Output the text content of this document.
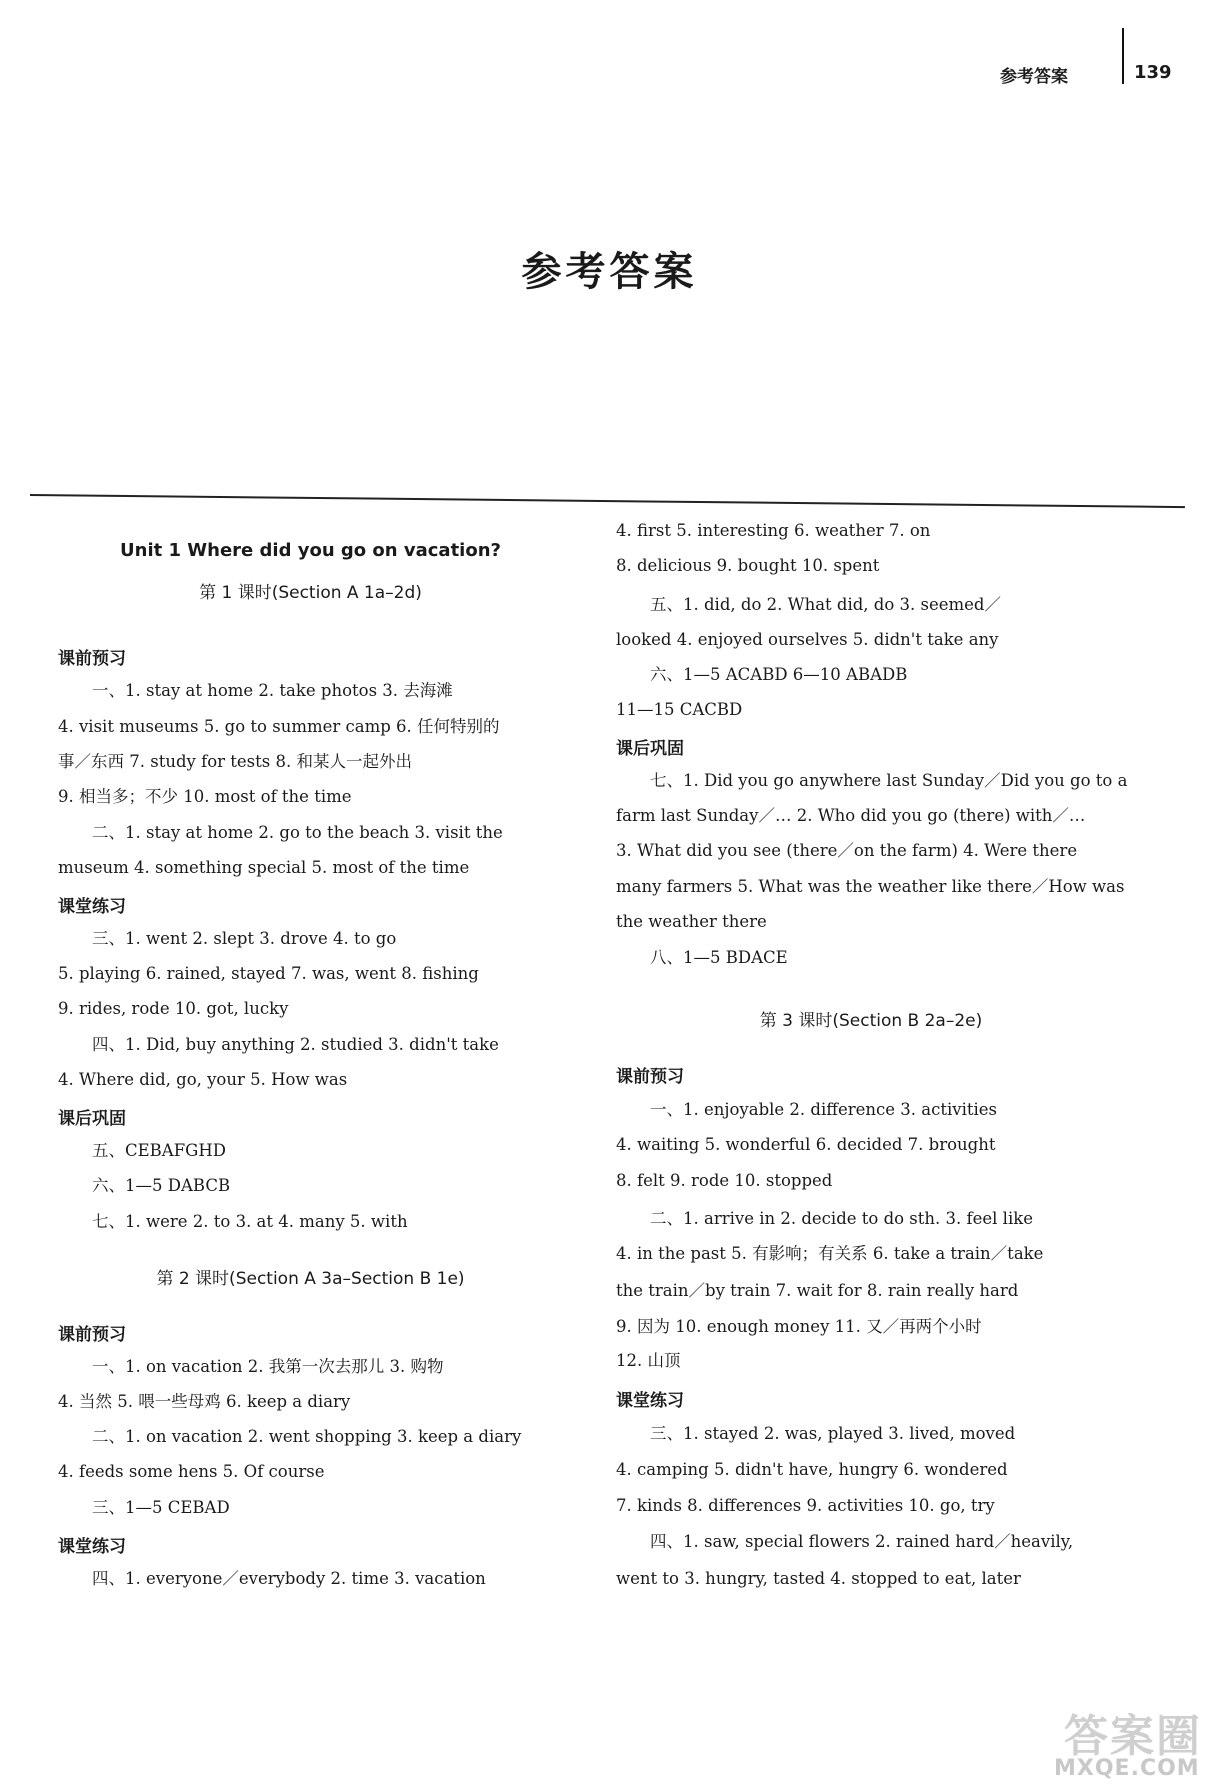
参考答案	139
参考答案
Unit 1 Where did you go on vacation?
第 1 课时(Section A 1a–2d)
课前预习
一、1. stay at home 2. take photos 3. 去海滩
4. visit museums 5. go to summer camp 6. 任何特别的
事／东西 7. study for tests 8. 和某人一起外出
9. 相当多；不少 10. most of the time
二、1. stay at home 2. go to the beach 3. visit the
museum 4. something special 5. most of the time
课堂练习
三、1. went 2. slept 3. drove 4. to go
5. playing 6. rained, stayed 7. was, went 8. fishing
9. rides, rode 10. got, lucky
四、1. Did, buy anything 2. studied 3. didn't take
4. Where did, go, your 5. How was
课后巩固
五、CEBAFGHD
六、1—5 DABCB
七、1. were 2. to 3. at 4. many 5. with
第 2 课时(Section A 3a–Section B 1e)
课前预习
一、1. on vacation 2. 我第一次去那儿 3. 购物
4. 当然 5. 喂一些母鸡 6. keep a diary
二、1. on vacation 2. went shopping 3. keep a diary
4. feeds some hens 5. Of course
三、1—5 CEBAD
课堂练习
四、1. everyone／everybody 2. time 3. vacation
4. first 5. interesting 6. weather 7. on
8. delicious 9. bought 10. spent
五、1. did, do 2. What did, do 3. seemed／
looked 4. enjoyed ourselves 5. didn't take any
六、1—5 ACABD 6—10 ABADB
11—15 CACBD
课后巩固
七、1. Did you go anywhere last Sunday／Did you go to a
farm last Sunday／… 2. Who did you go (there) with／…
3. What did you see (there／on the farm) 4. Were there
many farmers 5. What was the weather like there／How was
the weather there
八、1—5 BDACE
第 3 课时(Section B 2a–2e)
课前预习
一、1. enjoyable 2. difference 3. activities
4. waiting 5. wonderful 6. decided 7. brought
8. felt 9. rode 10. stopped
二、1. arrive in 2. decide to do sth. 3. feel like
4. in the past 5. 有影响；有关系 6. take a train／take
the train／by train 7. wait for 8. rain really hard
9. 因为 10. enough money 11. 又／再两个小时
12. 山顶
课堂练习
三、1. stayed 2. was, played 3. lived, moved
4. camping 5. didn't have, hungry 6. wondered
7. kinds 8. differences 9. activities 10. go, try
四、1. saw, special flowers 2. rained hard／heavily,
went to 3. hungry, tasted 4. stopped to eat, later
答案圈
MXQE.COM
